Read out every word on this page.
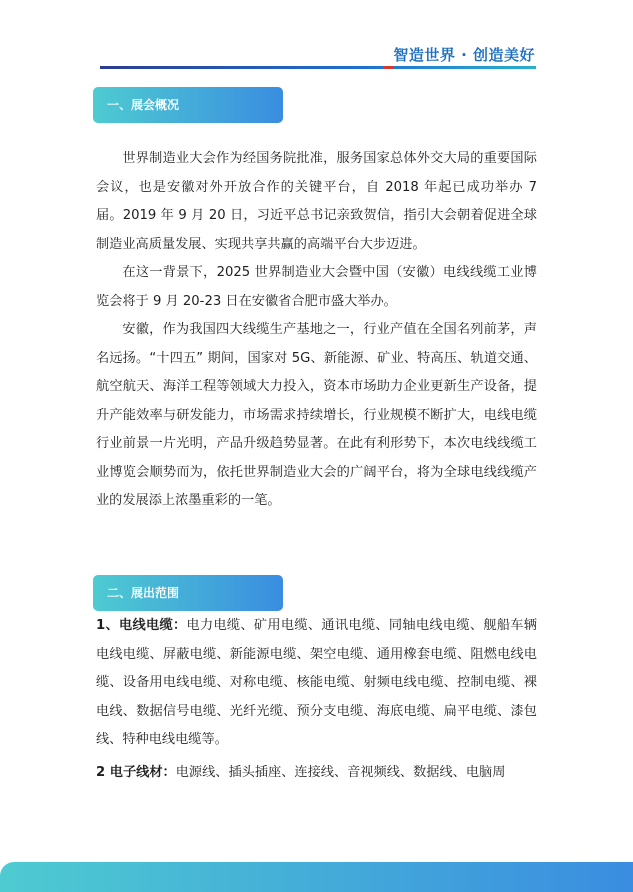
智造世界 · 创造美好
一、展会概况

世界制造业大会作为经国务院批准，服务国家总体外交大局的重要国际会议，也是安徽对外开放合作的关键平台，自 2018 年起已成功举办 7 届。2019 年 9 月 20 日，习近平总书记亲致贺信，指引大会朝着促进全球制造业高质量发展、实现共享共赢的高端平台大步迈进。

在这一背景下，2025 世界制造业大会暨中国（安徽）电线线缆工业博览会将于 9 月 20-23 日在安徽省合肥市盛大举办。

安徽，作为我国四大线缆生产基地之一，行业产值在全国名列前茅，声名远扬。“十四五” 期间，国家对 5G、新能源、矿业、特高压、轨道交通、航空航天、海洋工程等领域大力投入，资本市场助力企业更新生产设备，提升产能效率与研发能力，市场需求持续增长，行业规模不断扩大，电线电缆行业前景一片光明，产品升级趋势显著。在此有利形势下，本次电线线缆工业博览会顺势而为，依托世界制造业大会的广阔平台，将为全球电线线缆产业的发展添上浓墨重彩的一笔。

二、展出范围

1、电线电缆：电力电缆、矿用电缆、通讯电缆、同轴电线电缆、舰船车辆电线电缆、屏蔽电缆、新能源电缆、架空电缆、通用橡套电缆、阻燃电线电缆、设备用电线电缆、对称电缆、核能电缆、射频电线电缆、控制电缆、裸电线、数据信号电缆、光纤光缆、预分支电缆、海底电缆、扁平电缆、漆包线、特种电线电缆等。

2 电子线材：电源线、插头插座、连接线、音视频线、数据线、电脑周
